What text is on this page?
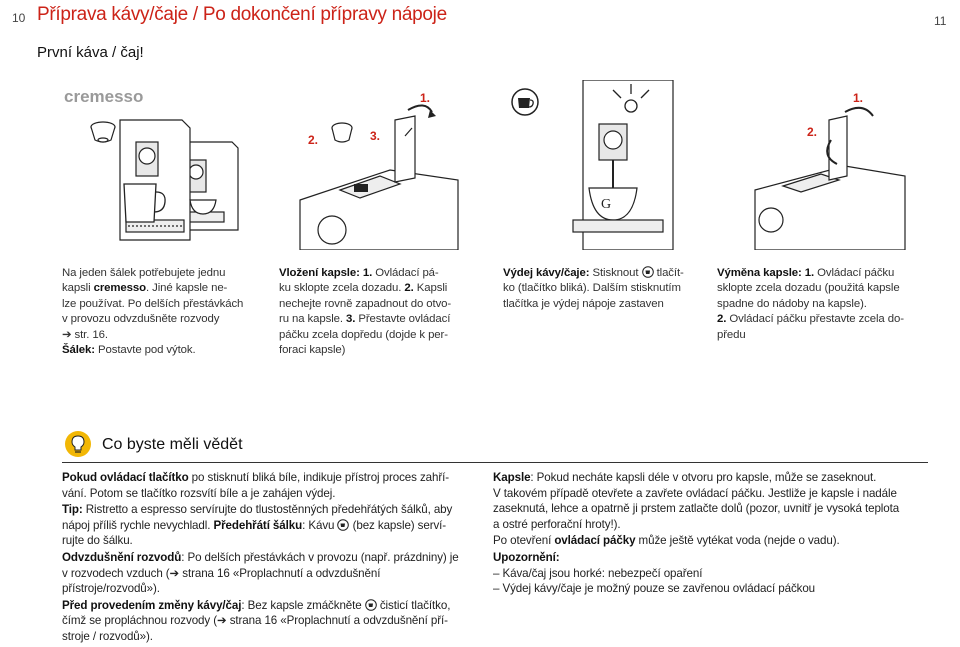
10 Příprava kávy/čaje / Po dokončení přípravy nápoje	11
První káva / čaj!
cremesso
2.	3.
1.
G
1.
2.
Na jeden šálek potřebujete jednu
kapsli cremesso. Jiné kapsle ne-
lze používat. Po delších přestávkách
v provozu odvzdušněte rozvody
➔ str. 16.
Šálek: Postavte pod výtok.
Vložení kapsle: 1. Ovládací pá-
ku sklopte zcela dozadu. 2. Kapsli
nechejte rovně zapadnout do otvo-
ru na kapsle. 3. Přestavte ovládací
páčku zcela dopředu (dojde k per-
foraci kapsle)
Výdej kávy/čaje: Stisknout  tlačít-
ko (tlačítko bliká). Dalším stisknutím
tlačítka je výdej nápoje zastaven
Výměna kapsle: 1. Ovládací páčku
sklopte zcela dozadu (použitá kapsle
spadne do nádoby na kapsle).
2. Ovládací páčku přestavte zcela do-
předu
Co byste měli vědět

Pokud ovládací tlačítko po stisknutí bliká bíle, indikuje přístroj proces zahří-
vání. Potom se tlačítko rozsvítí bíle a je zahájen výdej.

Tip: Ristretto a espresso servírujte do tlustostěnných předehřátých šálků, aby
nápoj příliš rychle nevychladl. Předehřátí šálku: Kávu  (bez kapsle) serví-
rujte do šálku.

Odvzdušnění rozvodů: Po delších přestávkách v provozu (např. prázdniny) je
v rozvodech vzduch (➔ strana 16 «Proplachnutí a odvzdušnění přístroje/rozvodů»).

Před provedením změny kávy/čaj: Bez kapsle zmáčkněte  čisticí tlačítko,
čímž se propláchnou rozvody (➔ strana 16 «Proplachnutí a odvzdušnění pří-
stroje / rozvodů»).

Kapsle: Pokud necháte kapsli déle v otvoru pro kapsle, může se zaseknout.
V takovém případě otevřete a zavřete ovládací páčku. Jestliže je kapsle i nadále
zaseknutá, lehce a opatrně ji prstem zatlačte dolů (pozor, uvnitř je vysoká teplota
a ostré perforační hroty!).

Po otevření ovládací páčky může ještě vytékat voda (nejde o vadu).

Upozornění:
– Káva/čaj jsou horké: nebezpečí opaření
– Výdej kávy/čaje je možný pouze se zavřenou ovládací páčkou
